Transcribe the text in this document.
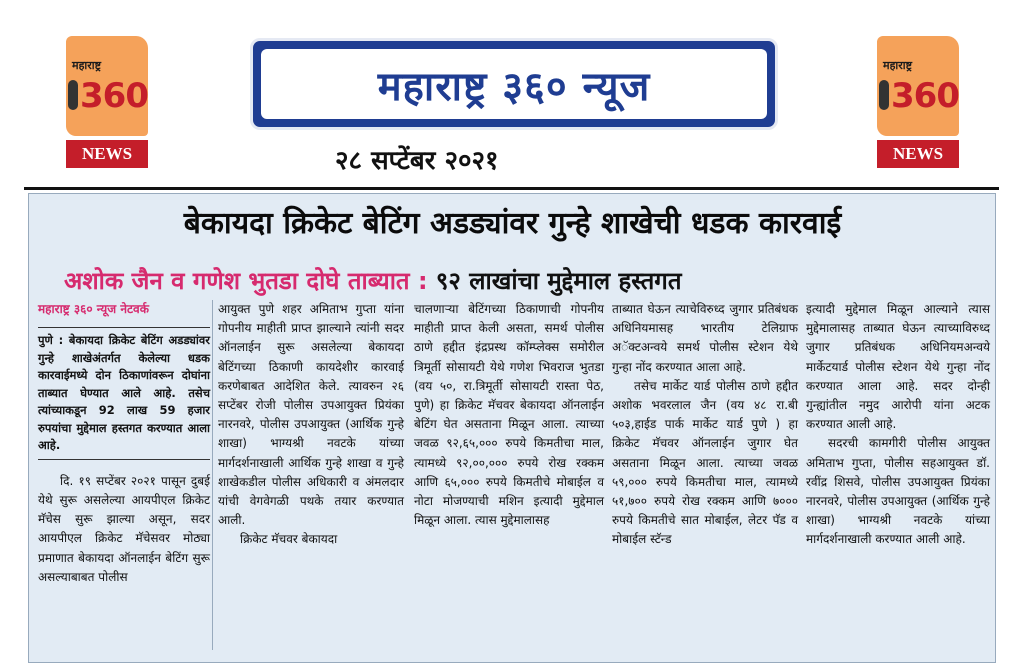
महाराष्ट्र
360
NEWS
महाराष्ट्र ३६० न्यूज
२८ सप्टेंबर २०२१
महाराष्ट्र
360
NEWS
बेकायदा क्रिकेट बेटिंग अडड्यांवर गुन्हे शाखेची धडक कारवाई
अशोक जैन व गणेश भुतडा दोघे ताब्यात : ९२ लाखांचा मुद्देमाल हस्तगत
महाराष्ट्र ३६० न्यूज नेटवर्क
पुणे : बेकायदा क्रिकेट बेटिंग अडड्यांवर गुन्हे शाखेअंतर्गत केलेल्या धडक कारवाईमध्ये दोन ठिकाणांवरून दोघांना ताब्यात घेण्यात आले आहे. तसेच त्यांच्याकडून 92 लाख 59 हजार रुपयांचा मुद्देमाल हस्तगत करण्यात आला आहे.

दि. १९ सप्टेंबर २०२१ पासून दुबई येथे सुरू असलेल्या आयपीएल क्रिकेट मॅचेस सुरू झाल्या असून, सदर आयपीएल क्रिकेट मॅचेसवर मोठ्या प्रमाणात बेकायदा ऑनलाईन बेटिंग सुरू असल्याबाबत पोलीस

आयुक्त पुणे शहर अमिताभ गुप्ता यांना गोपनीय माहीती प्राप्त झाल्याने त्यांनी सदर ऑनलाईन सुरू असलेल्या बेकायदा बेटिंगच्या ठिकाणी कायदेशीर कारवाई करणेबाबत आदेशित केले. त्यावरुन २६ सप्टेंबर रोजी पोलीस उपआयुक्त प्रियंका नारनवरे, पोलीस उपआयुक्त (आर्थिक गुन्हे शाखा) भाग्यश्री नवटके यांच्या मार्गदर्शनाखाली आर्थिक गुन्हे शाखा व गुन्हे शाखेकडील पोलीस अधिकारी व अंमलदार यांची वेगवेगळी पथके तयार करण्यात आली.

क्रिकेट मॅचवर बेकायदा

चालणाऱ्या बेटिंगच्या ठिकाणाची गोपनीय माहीती प्राप्त केली असता, समर्थ पोलीस ठाणे हद्दीत इंद्रप्रस्थ कॉम्प्लेक्स समोरील त्रिमूर्ती सोसायटी येथे गणेश भिवराज भुतडा (वय ५०, रा.त्रिमूर्ती सोसायटी रास्ता पेठ, पुणे) हा क्रिकेट मॅचवर बेकायदा ऑनलाईन बेटिंग घेत असताना मिळून आला. त्याच्या जवळ ९२,६५,००० रुपये किमतीचा माल, त्यामध्ये ९२,००,००० रुपये रोख रक्कम आणि ६५,००० रुपये किमतीचे मोबाईल व नोटा मोजण्याची मशिन इत्यादी मुद्देमाल मिळून आला. त्यास मुद्देमालासह

ताब्यात घेऊन त्याचेविरुध्द जुगार प्रतिबंधक अधिनियमासह भारतीय टेलिग्राफ अॅक्टअन्वये समर्थ पोलीस स्टेशन येथे गुन्हा नोंद करण्यात आला आहे.

तसेच मार्केट यार्ड पोलीस ठाणे हद्दीत अशोक भवरलाल जैन (वय ४८ रा.बी ५०३,हाईड पार्क मार्केट यार्ड पुणे ) हा क्रिकेट मॅचवर ऑनलाईन जुगार घेत असताना मिळून आला. त्याच्या जवळ ५९,००० रुपये किमतीचा माल, त्यामध्ये ५१,७०० रुपये रोख रक्कम आणि ७००० रुपये किमतीचे सात मोबाईल, लेटर पॅड व मोबाईल स्टॅन्ड

इत्यादी मुद्देमाल मिळून आल्याने त्यास मुद्देमालासह ताब्यात घेऊन त्याच्याविरुध्द जुगार प्रतिबंधक अधिनियमअन्वये मार्केटयार्ड पोलीस स्टेशन येथे गुन्हा नोंद करण्यात आला आहे. सदर दोन्ही गुन्ह्यांतील नमुद आरोपी यांना अटक करण्यात आली आहे.

सदरची कामगीरी पोलीस आयुक्त अमिताभ गुप्ता, पोलीस सहआयुक्त डॉ. रवींद्र शिसवे, पोलीस उपआयुक्त प्रियंका नारनवरे, पोलीस उपआयुक्त (आर्थिक गुन्हे शाखा) भाग्यश्री नवटके यांच्या मार्गदर्शनाखाली करण्यात आली आहे.
